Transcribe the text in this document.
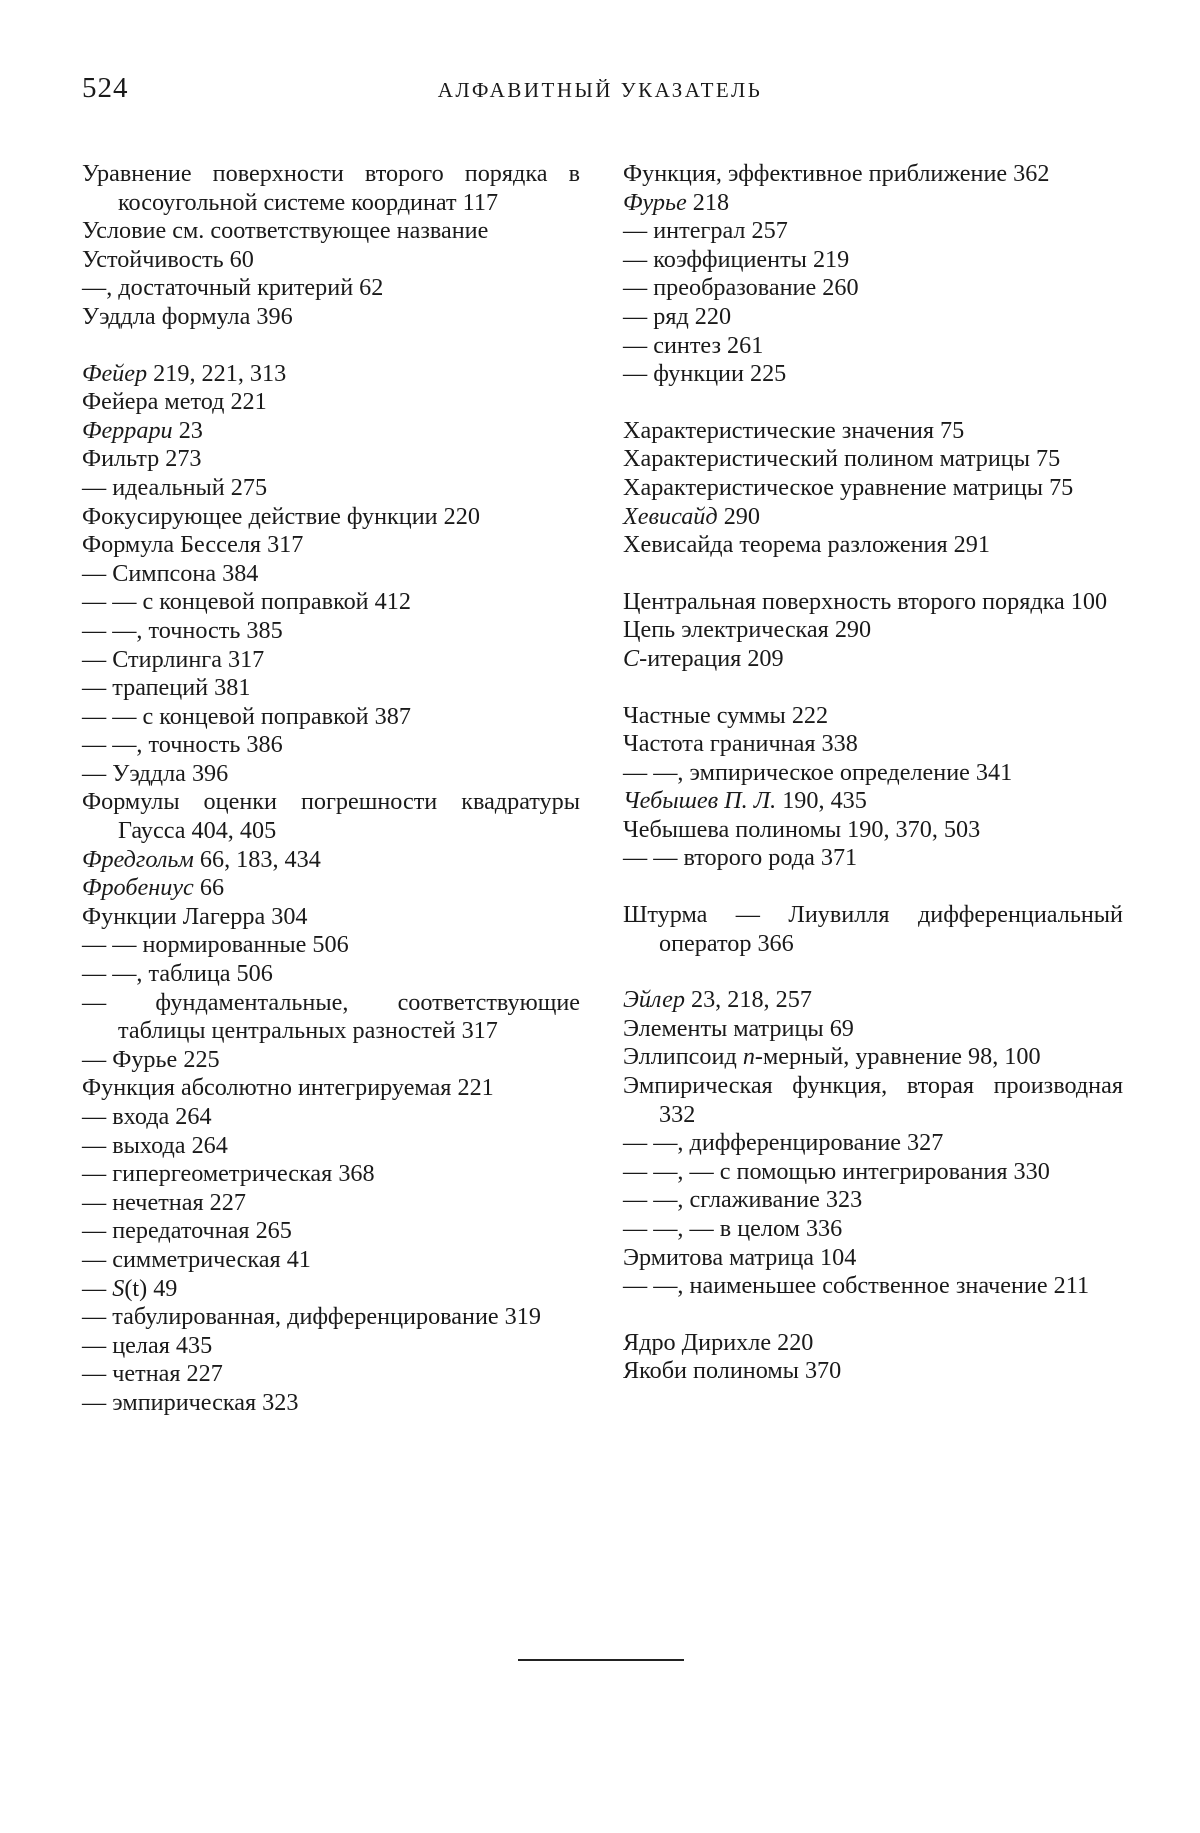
524	АЛФАВИТНЫЙ УКАЗАТЕЛЬ

Уравнение поверхности второго порядка в косоугольной системе координат 117

Условие см. соответствующее название

Устойчивость 60

—, достаточный критерий 62

Уэддла формула 396

Фейер 219, 221, 313

Фейера метод 221

Феррари 23

Фильтр 273

— идеальный 275

Фокусирующее действие функции 220

Формула Бесселя 317

— Симпсона 384

— — с концевой поправкой 412

— —, точность 385

— Стирлинга 317

— трапеций 381

— — с концевой поправкой 387

— —, точность 386

— Уэддла 396

Формулы оценки погрешности квадратуры Гаусса 404, 405

Фредгольм 66, 183, 434

Фробениус 66

Функции Лагерра 304

— — нормированные 506

— —, таблица 506

— фундаментальные, соответствующие таблицы центральных разностей 317

— Фурье 225

Функция абсолютно интегрируемая 221

— входа 264

— выхода 264

— гипергеометрическая 368

— нечетная 227

— передаточная 265

— симметрическая 41

— S(t) 49

— табулированная, дифференцирование 319

— целая 435

— четная 227

— эмпирическая 323

Функция, эффективное приближение 362

Фурье 218

— интеграл 257

— коэффициенты 219

— преобразование 260

— ряд 220

— синтез 261

— функции 225

Характеристические значения 75

Характеристический полином матрицы 75

Характеристическое уравнение матрицы 75

Хевисайд 290

Хевисайда теорема разложения 291

Центральная поверхность второго порядка 100

Цепь электрическая 290

С-итерация 209

Частные суммы 222

Частота граничная 338

— —, эмпирическое определение 341

Чебышев П. Л. 190, 435

Чебышева полиномы 190, 370, 503

— — второго рода 371

Штурма — Лиувилля дифференциальный оператор 366

Эйлер 23, 218, 257

Элементы матрицы 69

Эллипсоид n-мерный, уравнение 98, 100

Эмпирическая функция, вторая производная 332

— —, дифференцирование 327

— —, — с помощью интегрирования 330

— —, сглаживание 323

— —, — в целом 336

Эрмитова матрица 104

— —, наименьшее собственное значение 211

Ядро Дирихле 220

Якоби полиномы 370
